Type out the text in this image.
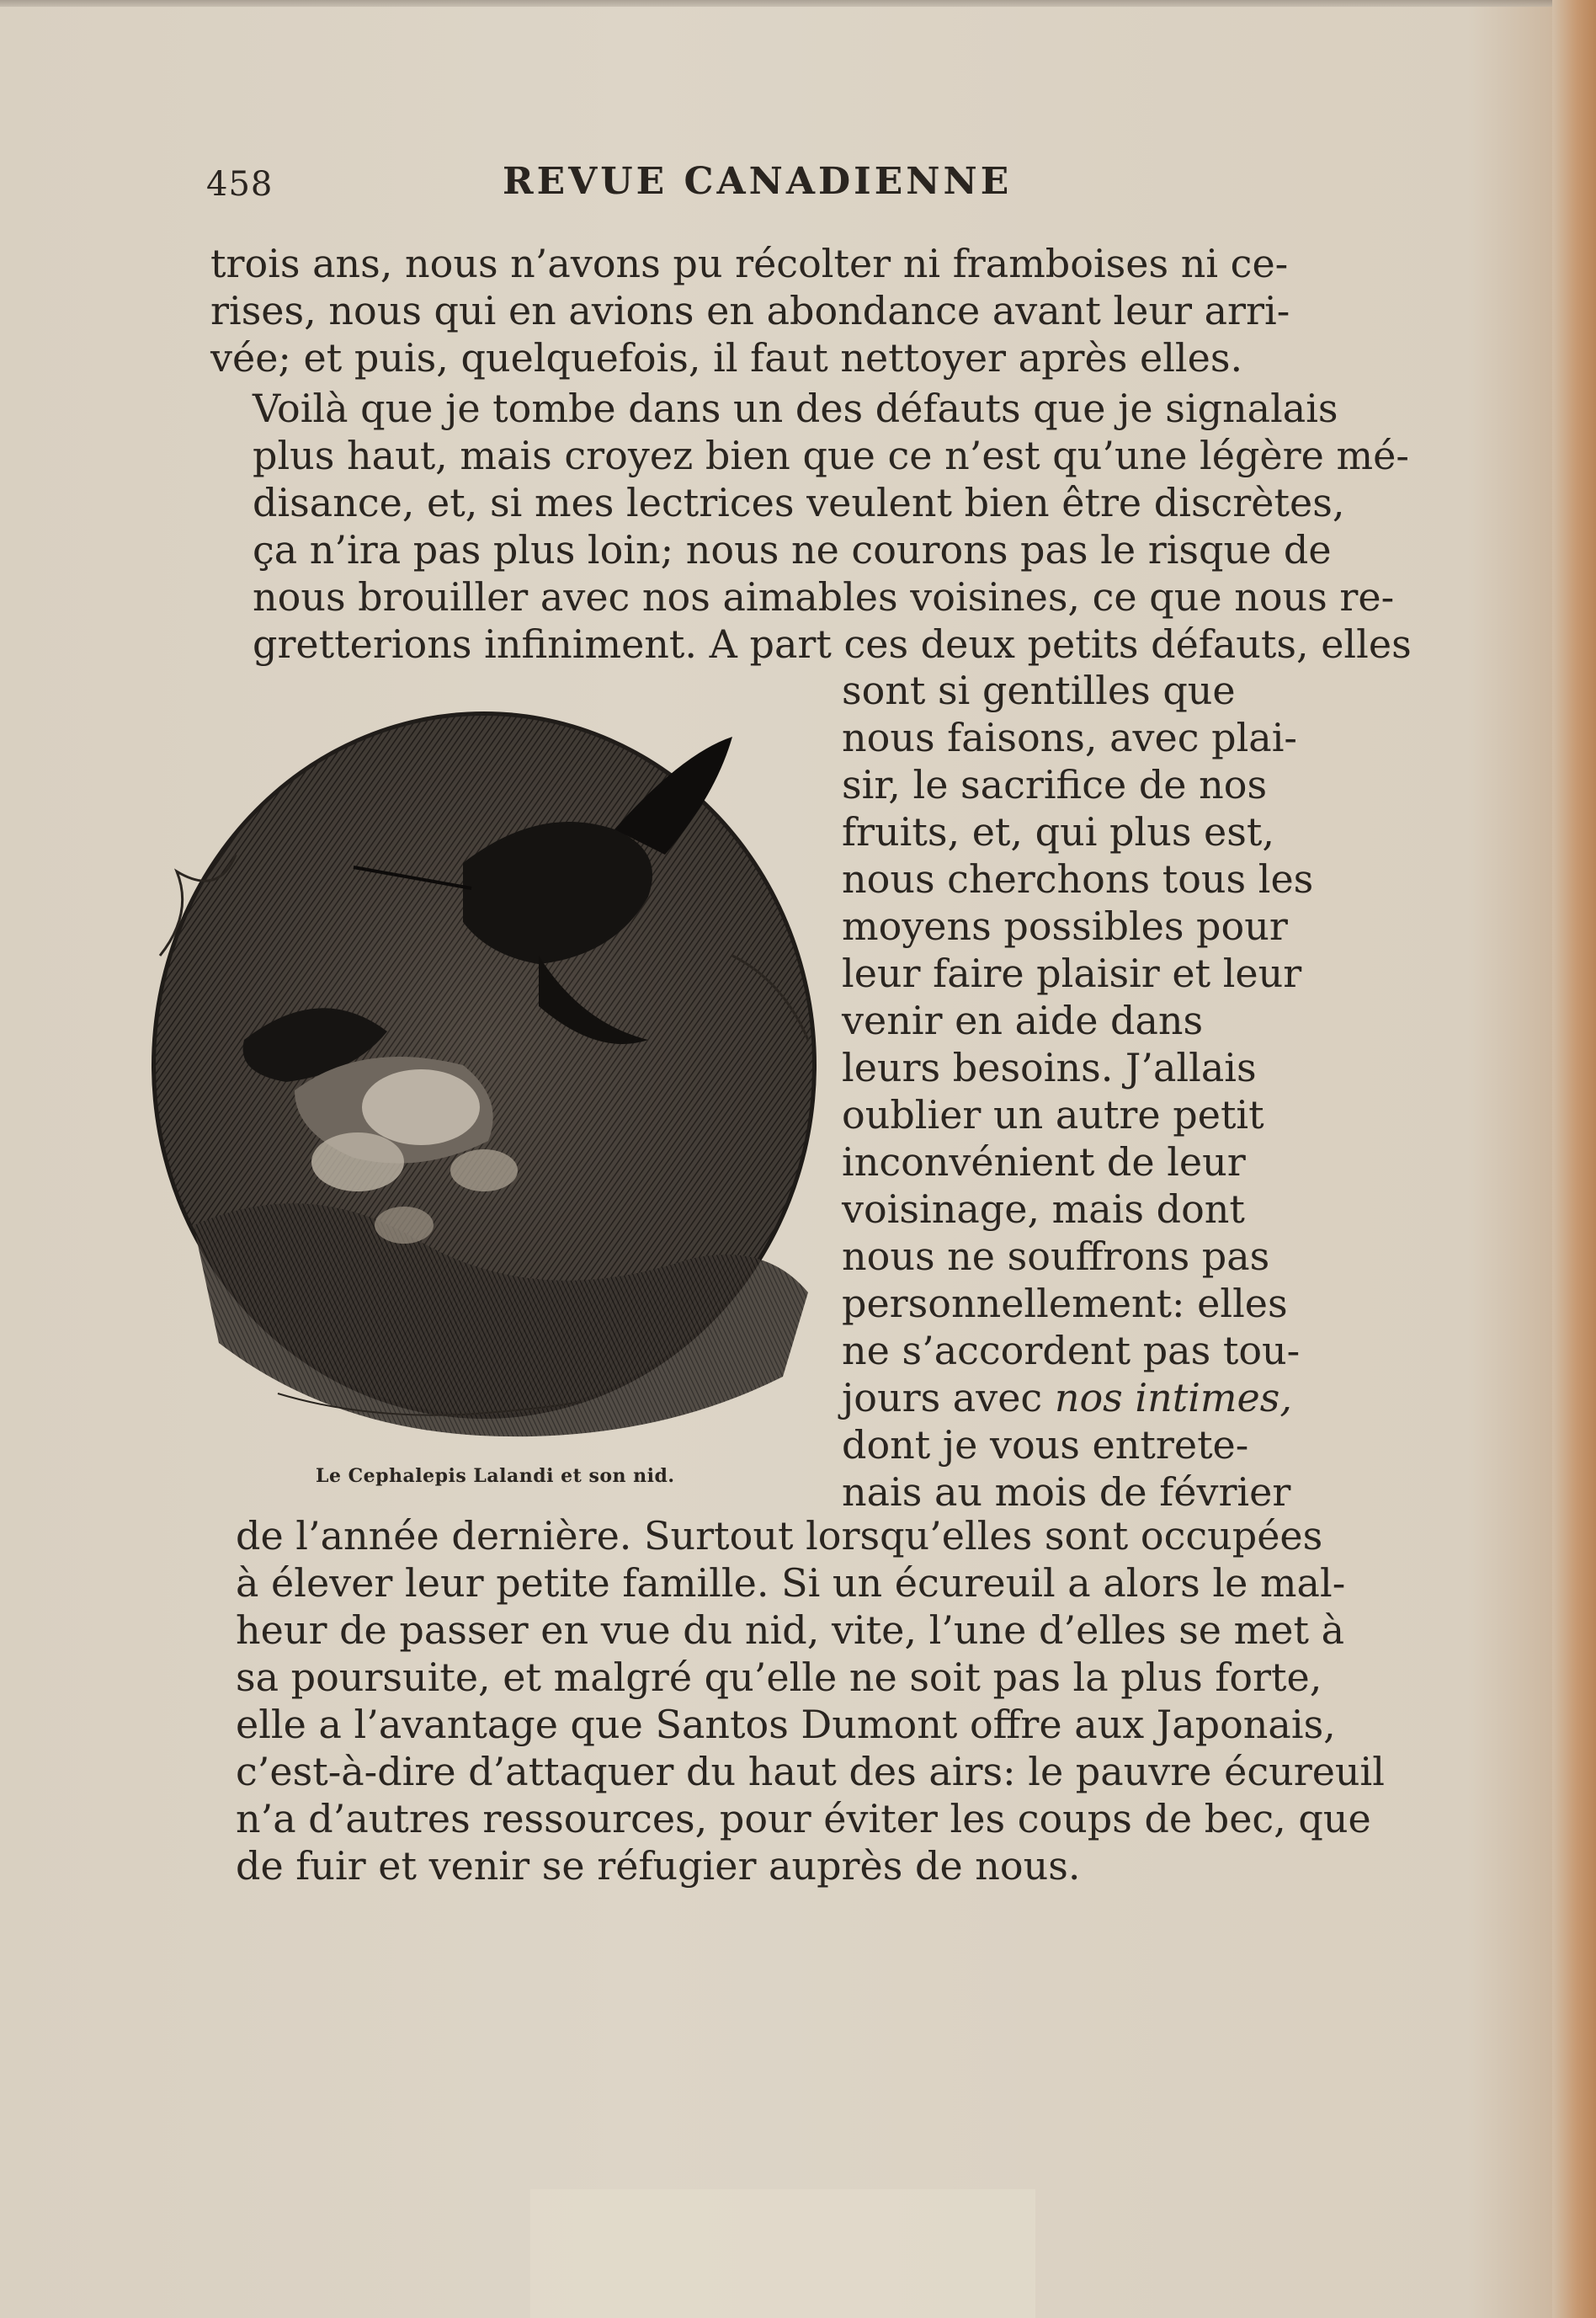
458	REVUE CANADIENNE
trois ans, nous n’avons pu récolter ni framboises ni ce-
rises, nous qui en avions en abondance avant leur arri-
vée; et puis, quelquefois, il faut nettoyer après elles.
Voilà que je tombe dans un des défauts que je signalais
plus haut, mais croyez bien que ce n’est qu’une légère mé-
disance, et, si mes lectrices veulent bien être discrètes,
ça n’ira pas plus loin; nous ne courons pas le risque de
nous brouiller avec nos aimables voisines, ce que nous re-
gretterions infiniment. A part ces deux petits défauts, elles
sont si gentilles que
nous faisons, avec plai-
sir, le sacrifice de nos
fruits, et, qui plus est,
nous cherchons tous les
moyens possibles pour
leur faire plaisir et leur
venir en aide dans
leurs besoins. J’allais
oublier un autre petit
inconvénient de leur
voisinage, mais dont
nous ne souffrons pas
personnellement: elles
ne s’accordent pas tou-
jours avec nos intimes,
dont je vous entrete-
nais au mois de février
Le Cephalepis Lalandi et son nid.
de l’année dernière. Surtout lorsqu’elles sont occupées
à élever leur petite famille. Si un écureuil a alors le mal-
heur de passer en vue du nid, vite, l’une d’elles se met à
sa poursuite, et malgré qu’elle ne soit pas la plus forte,
elle a l’avantage que Santos Dumont offre aux Japonais,
c’est-à-dire d’attaquer du haut des airs: le pauvre écureuil
n’a d’autres ressources, pour éviter les coups de bec, que
de fuir et venir se réfugier auprès de nous.
